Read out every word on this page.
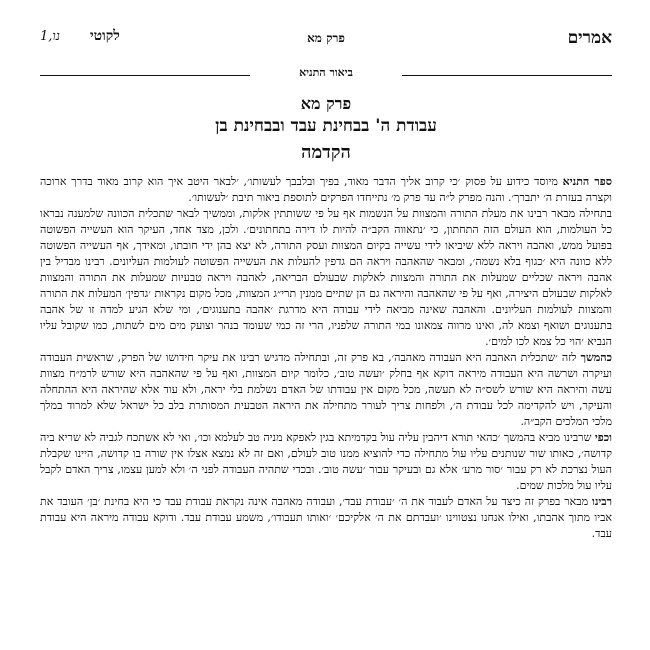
אמרים
פרק מא
לקוטי
נו,1
ביאור התניא
פרק מא
עבודת ה' בבחינת עבד ובבחינת בן
הקדמה

ספר התניא מיוסד כידוע על פסוק ׳כי קרוב אליך הדבר מאוד, בפיך ובלבבך לעשותו׳, ׳לבאר היטב איך הוא קרוב מאוד בדרך ארוכה וקצרה בעזרת ה׳ יתברך׳. והנה מפרק ל״ה עד פרק מ׳ נתייחדו הפרקים לתוספת ביאור תיבת ׳לעשותו׳.

בתחילה מבאר רבינו את מעלת התורה והמצוות על הנשמות אף על פי ששותתין אלקות, וממשיך לבאר שתכלית הכוונה שלמענה נבראו כל העולמות, הוא העולם הזה התחתון, כי ׳נתאווה הקב״ה להיות לו דירה בתחתונים׳. ולכן, מצד אחד, העיקר הוא העשייה הפשוטה בפועל ממש, ואהבה ויראה ללא שיביאו לידי עשייה בקיום המצוות ועסק התורה, לא יצא בהן ידי חובתו, ומאידך, אף העשייה הפשוטה ללא כוונה היא ׳כגוף בלא נשמה׳, ומבאר שהאהבה ויראה הם גדפין להעלות את העשייה הפשוטה לעולמות העליונים. רבינו מבדיל בין אהבה ויראה שכליים שמעלות את התורה והמצוות לאלקות שבעולם הבריאה, לאהבה ויראה טבעיות שמעלות את התורה והמצוות לאלקות שבעולם היצירה, ואף על פי שהאהבה והיראה גם הן שתיים ממנין תרי״ג המצוות, מכל מקום נקראות ׳גדפין׳ המעלות את התורה והמצוות לעולמות העליונים. והאהבה שאינה מביאה לידי עבודה היא מדרגת ׳אהבה בתענוגים׳, ומי שלא הגיע למדה זו של אהבה בתענוגים ושואף וצמא לה, ואינו מרווה צמאונו במי התורה שלפניו, הרי זה כמי שעומד בנהר וצועק מים מים לשתות, כמו שקובל עליו הנביא ׳הוי כל צמא לכו למים׳.

כהמשך לזה ׳שתכלית האהבה היא העבודה מאהבה׳, בא פרק זה, ובתחילה מדגיש רבינו את עיקר חידושו של הפרק, שראשית העבודה ועיקרה ושרשה היא העבודה מיראה דוקא אף בחלק ׳ועשה טוב׳, כלומר קיום המצוות, ואף על פי שהאהבה היא שורש לרמ״ח מצוות עשה והיראה היא שורש לשס״ה לא תעשה, מכל מקום אין עבודתו של האדם נשלמת בלי יראה, ולא עוד אלא שהיראה היא ההתחלה והעיקר, ויש להקדימה לכל עבודת ה׳, ולפחות צריך לעורר מתחילה את היראה הטבעית המסותרת בלב כל ישראל שלא למרוד במלך מלכי המלכים הקב״ה.

וכפי שרבינו מביא בהמשך ׳כהאי תורא דיהבין עליה עול בקדמיתא בגין לאפקא מניה טב לעלמא וכו׳, ואי לא אשתכח לגביה לא שריא ביה קדושה׳, כאותו שור שנותנים עליו עול מתחילה כדי להוציא ממנו טוב לעולם, ואם זה לא נמצא אצלו אין שורה בו קדושה, היינו שקבלת העול נצרכת לא רק עבור ׳סור מרע׳ אלא גם ובעיקר עבור ׳עשה טוב׳. ובכדי שתהיה העבודה לפני ה׳ ולא למען עצמו, צריך האדם לקבל עליו עול מלכות שמים.

רבינו מבאר בפרק זה כיצד על האדם לעבוד את ה׳ ׳עבודת עבד׳, ועבודה מאהבה אינה נקראת עבודת עבד כי היא בחינת ׳בן׳ העובד את אביו מתוך אהבתו, ואילו אנחנו נצטווינו ׳ועבדתם את ה׳ אלקיכם׳ ׳ואותו תעבודו׳, משמע עבודת עבד. ודוקא עבודה מיראה היא עבודת עבד.
